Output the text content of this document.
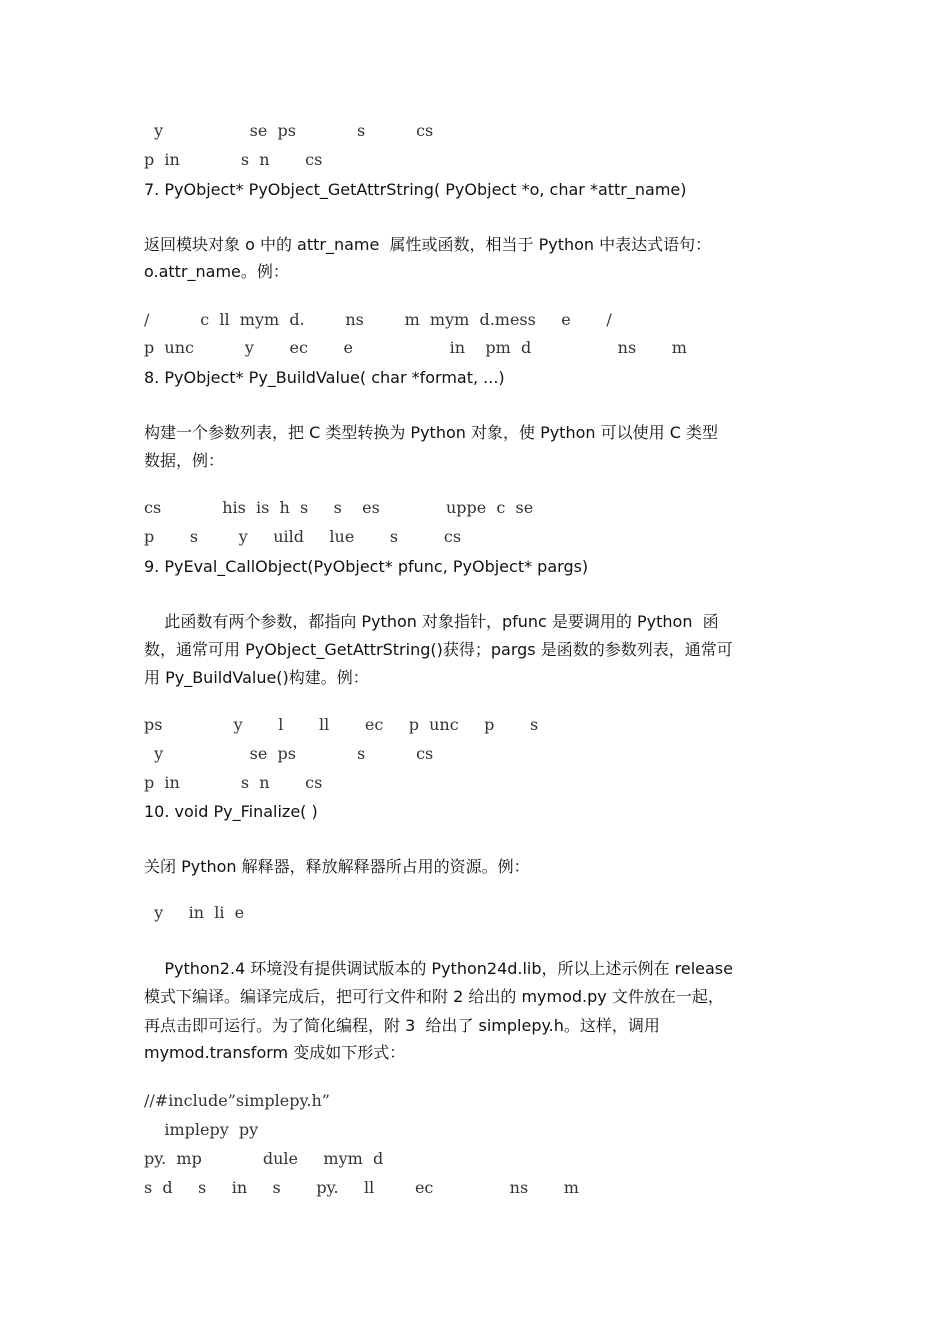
y                 se  ps            s          cs
p  in            s  n       cs
7. PyObject* PyObject_GetAttrString( PyObject *o, char *attr_name)
返回模块对象 o 中的 attr_name  属性或函数，相当于 Python 中表达式语句：
o.attr_name。例：
/          c  ll  mym  d.        ns        m  mym  d.mess     e       /
p  unc          y       ec       e                   in    pm  d                 ns       m
8. PyObject* Py_BuildValue( char *format, ...)
构建一个参数列表，把 C 类型转换为 Python 对象，使 Python 可以使用 C 类型
数据，例：
cs            his  is  h  s     s    es             uppe  c  se
p       s        y     uild     lue       s         cs
9. PyEval_CallObject(PyObject* pfunc, PyObject* pargs)
此函数有两个参数，都指向 Python 对象指针，pfunc 是要调用的 Python  函
数，通常可用 PyObject_GetAttrString()获得；pargs 是函数的参数列表，通常可
用 Py_BuildValue()构建。例：
ps              y       l       ll       ec     p  unc     p       s
y                 se  ps            s          cs
p  in            s  n       cs
10. void Py_Finalize( )
关闭 Python 解释器，释放解释器所占用的资源。例：
y     in  li  e
Python2.4 环境没有提供调试版本的 Python24d.lib，所以上述示例在 release
模式下编译。编译完成后，把可行文件和附 2 给出的 mymod.py 文件放在一起，
再点击即可运行。为了简化编程，附 3  给出了 simplepy.h。这样，调用
mymod.transform 变成如下形式：
//#include”simplepy.h”
implepy  py
py.  mp            dule     mym  d
s  d     s     in     s       py.     ll        ec               ns       m
